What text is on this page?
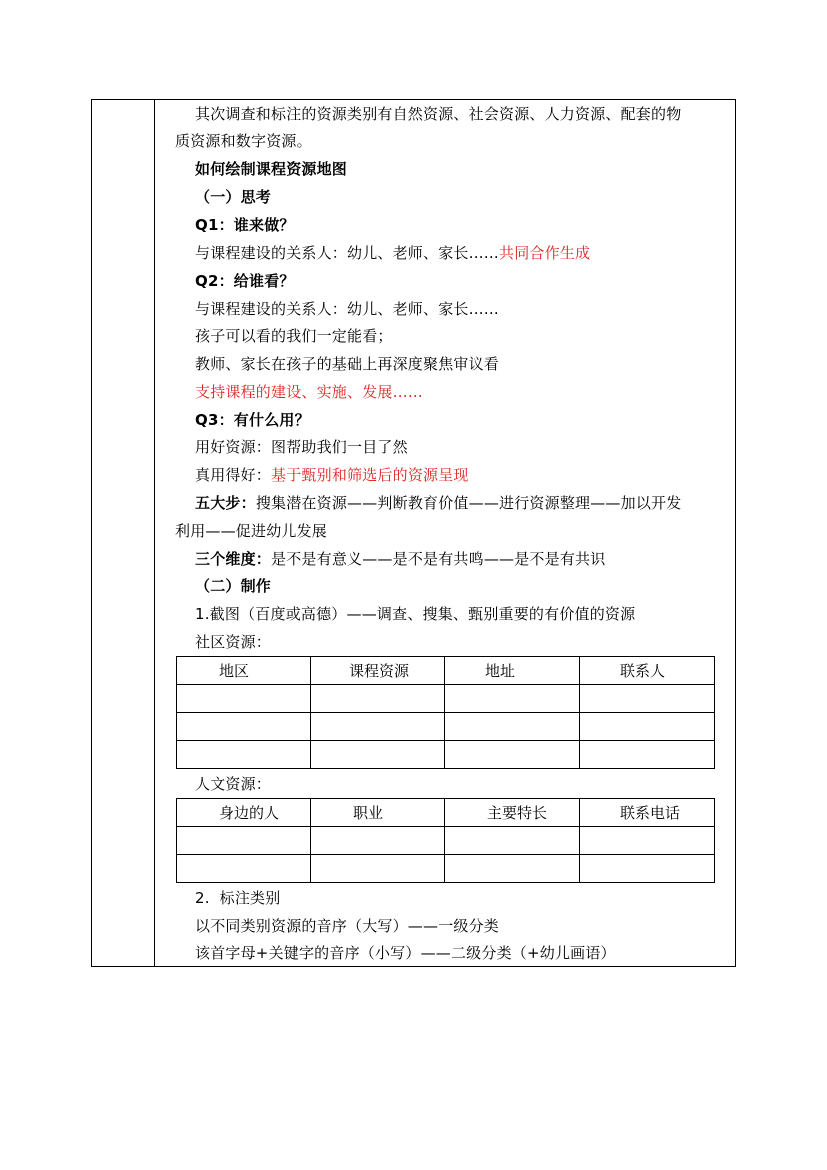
其次调查和标注的资源类别有自然资源、社会资源、人力资源、配套的物
质资源和数字资源。
如何绘制课程资源地图
（一）思考
Q1：谁来做？
与课程建设的关系人：幼儿、老师、家长……共同合作生成
Q2：给谁看？
与课程建设的关系人：幼儿、老师、家长……
孩子可以看的我们一定能看；
教师、家长在孩子的基础上再深度聚焦审议看
支持课程的建设、实施、发展……
Q3：有什么用？
用好资源：图帮助我们一目了然
真用得好：基于甄别和筛选后的资源呈现
五大步：搜集潜在资源——判断教育价值——进行资源整理——加以开发
利用——促进幼儿发展
三个维度：是不是有意义——是不是有共鸣——是不是有共识
（二）制作
1.截图（百度或高德）——调查、搜集、甄别重要的有价值的资源
社区资源：
地区	课程资源	地址	联系人

人文资源：
身边的人	职业	主要特长	联系电话

2.  标注类别
以不同类别资源的音序（大写）——一级分类
该首字母+关键字的音序（小写）——二级分类（+幼儿画语）
